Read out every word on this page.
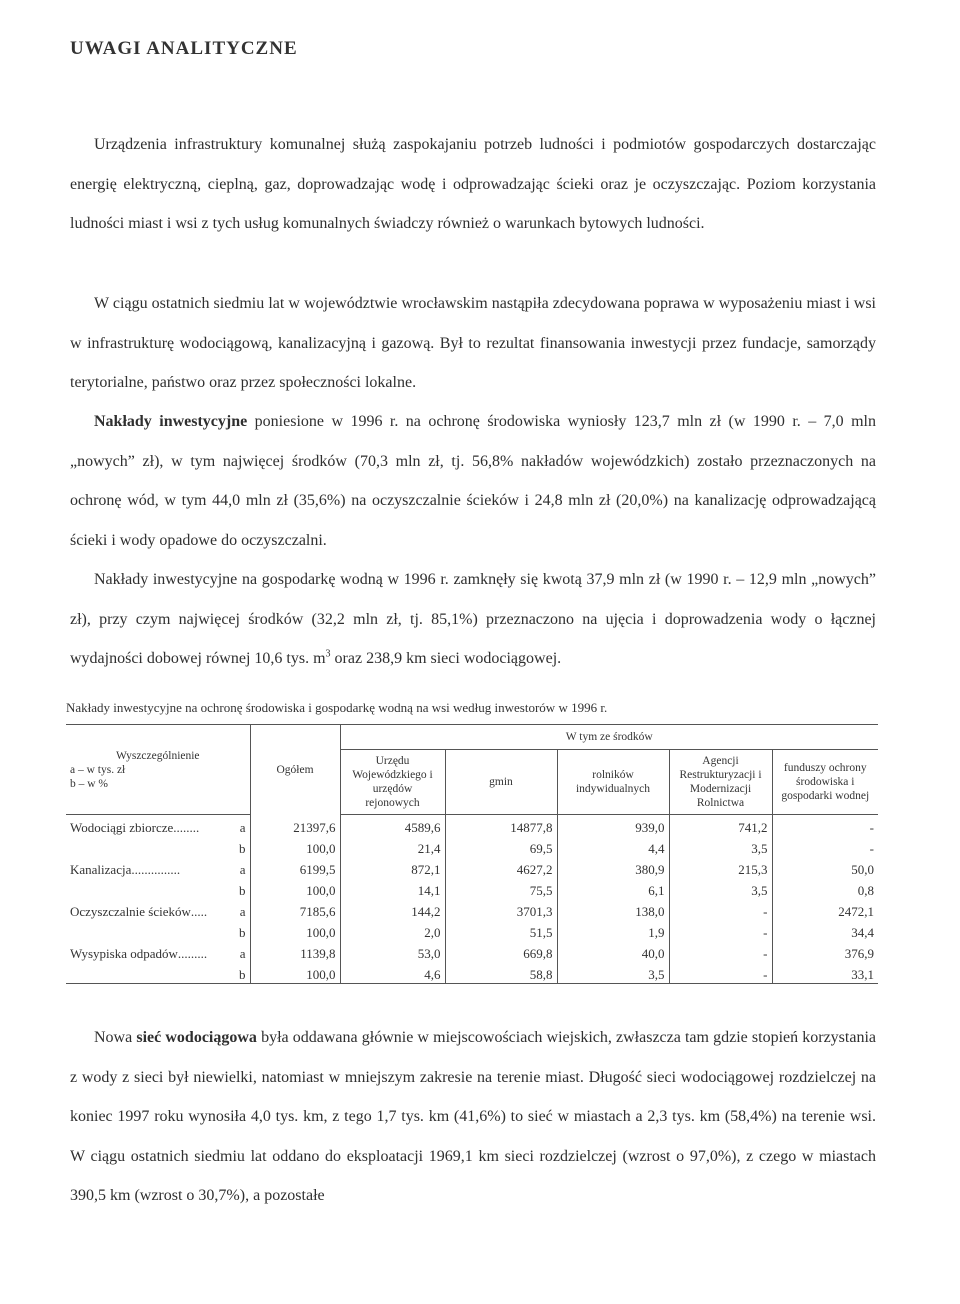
UWAGI ANALITYCZNE

Urządzenia infrastruktury komunalnej służą zaspokajaniu potrzeb ludności i podmiotów gospodarczych dostarczając energię elektryczną, cieplną, gaz, doprowadzając wodę i odprowadzając ścieki oraz je oczyszczając. Poziom korzystania ludności miast i wsi z tych usług komunalnych świadczy również o warunkach bytowych ludności.

W ciągu ostatnich siedmiu lat w województwie wrocławskim nastąpiła zdecydowana poprawa w wyposażeniu miast i wsi w infrastrukturę wodociągową, kanalizacyjną i gazową. Był to rezultat finansowania inwestycji przez fundacje, samorządy terytorialne, państwo oraz przez społeczności lokalne.

Nakłady inwestycyjne poniesione w 1996 r. na ochronę środowiska wyniosły 123,7 mln zł (w 1990 r. – 7,0 mln „nowych” zł), w tym najwięcej środków (70,3 mln zł, tj. 56,8% nakładów wojewódzkich) zostało przeznaczonych na ochronę wód, w tym 44,0 mln zł (35,6%) na oczyszczalnie ścieków i 24,8 mln zł (20,0%) na kanalizację odprowadzającą ścieki i wody opadowe do oczyszczalni.

Nakłady inwestycyjne na gospodarkę wodną w 1996 r. zamknęły się kwotą 37,9 mln zł (w 1990 r. – 12,9 mln „nowych” zł), przy czym najwięcej środków (32,2 mln zł, tj. 85,1%) przeznaczono na ujęcia i doprowadzenia wody o łącznej wydajności dobowej równej 10,6 tys. $m^3$ oraz 238,9 km sieci wodociągowej.

Nakłady inwestycyjne na ochronę środowiska i gospodarkę wodną na wsi według inwestorów w 1996 r.
Wyszczególnienie
a – w tys. zł
b – w %	Ogółem	W tym ze środków				
		Urzędu Wojewódzkiego i urzędów rejonowych	gmin	rolników indywidualnych	Agencji Restrukturyzacji i Modernizacji Rolnictwa	funduszy ochrony środowiska i gospodarki wodnej
Wodociągi zbiorcze........ a	21397,6	4589,6	14877,8	939,0	741,2	-

b	100,0	21,4	69,5	4,4	3,5	-
Kanalizacja............... a	6199,5	872,1	4627,2	380,9	215,3	50,0

b	100,0	14,1	75,5	6,1	3,5	0,8
Oczyszczalnie ścieków..... a	7185,6	144,2	3701,3	138,0	-	2472,1

b	100,0	2,0	51,5	1,9	-	34,4
Wysypiska odpadów......... a	1139,8	53,0	669,8	40,0	-	376,9

b	100,0	4,6	58,8	3,5	-	33,1

Nowa sieć wodociągowa była oddawana głównie w miejscowościach wiejskich, zwłaszcza tam gdzie stopień korzystania z wody z sieci był niewielki, natomiast w mniejszym zakresie na terenie miast. Długość sieci wodociągowej rozdzielczej na koniec 1997 roku wynosiła 4,0 tys. km, z tego 1,7 tys. km (41,6%) to sieć w miastach a 2,3 tys. km (58,4%) na terenie wsi. W ciągu ostatnich siedmiu lat oddano do eksploatacji 1969,1 km sieci rozdzielczej (wzrost o 97,0%), z czego w miastach 390,5 km (wzrost o 30,7%), a pozostałe
